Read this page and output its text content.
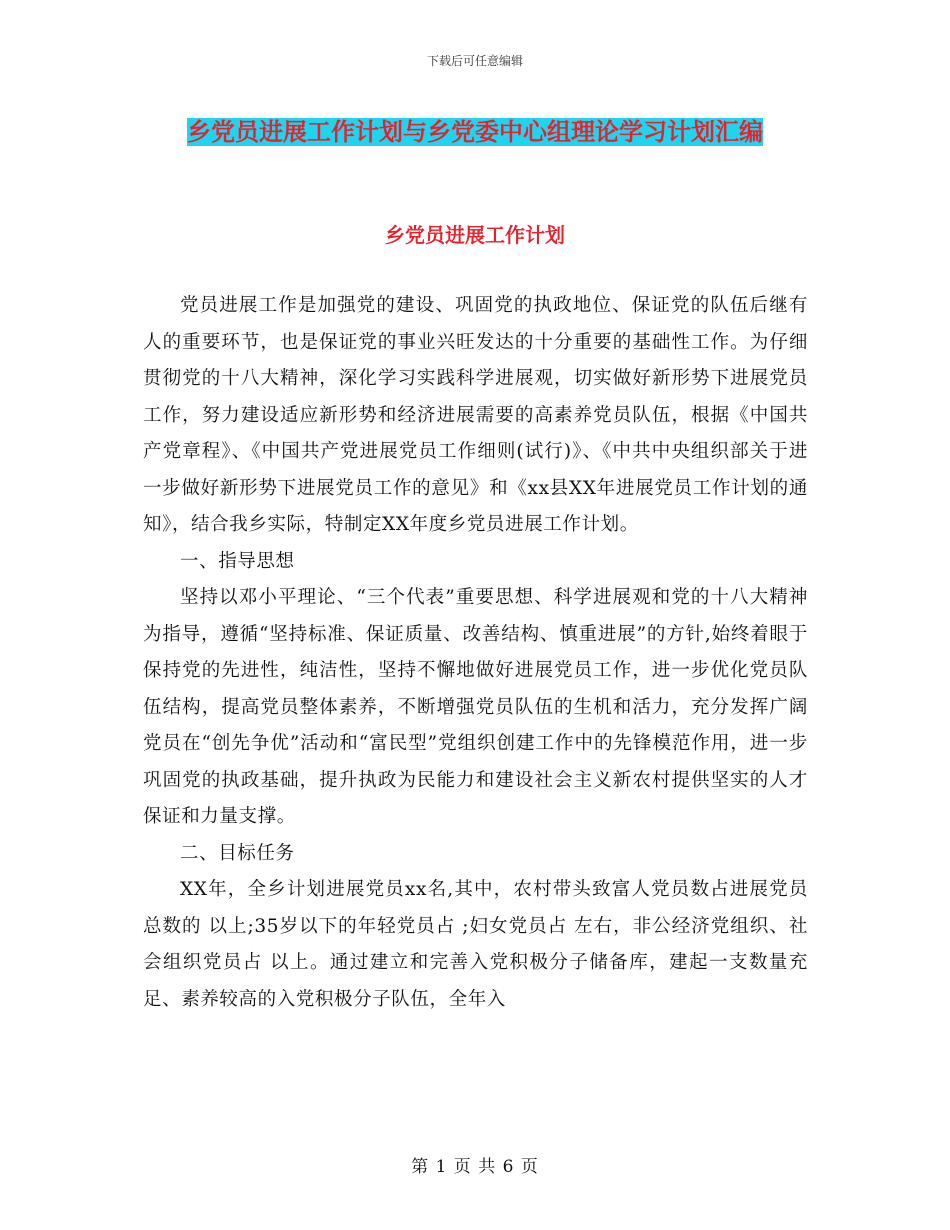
下载后可任意编辑
乡党员进展工作计划与乡党委中心组理论学习计划汇编
乡党员进展工作计划

党员进展工作是加强党的建设、巩固党的执政地位、保证党的队伍后继有人的重要环节，也是保证党的事业兴旺发达的十分重要的基础性工作。为仔细贯彻党的十八大精神，深化学习实践科学进展观，切实做好新形势下进展党员工作，努力建设适应新形势和经济进展需要的高素养党员队伍，根据《中国共产党章程》、《中国共产党进展党员工作细则(试行)》、《中共中央组织部关于进一步做好新形势下进展党员工作的意见》和《xx县XX年进展党员工作计划的通知》，结合我乡实际，特制定XX年度乡党员进展工作计划。

一、指导思想

坚持以邓小平理论、“三个代表”重要思想、科学进展观和党的十八大精神为指导，遵循“坚持标准、保证质量、改善结构、慎重进展”的方针,始终着眼于保持党的先进性，纯洁性，坚持不懈地做好进展党员工作，进一步优化党员队伍结构，提高党员整体素养，不断增强党员队伍的生机和活力，充分发挥广阔党员在“创先争优”活动和“富民型”党组织创建工作中的先锋模范作用，进一步巩固党的执政基础，提升执政为民能力和建设社会主义新农村提供坚实的人才保证和力量支撑。

二、目标任务

XX年，全乡计划进展党员xx名,其中，农村带头致富人党员数占进展党员总数的 以上;35岁以下的年轻党员占 ;妇女党员占 左右，非公经济党组织、社会组织党员占 以上。通过建立和完善入党积极分子储备库，建起一支数量充足、素养较高的入党积极分子队伍，全年入

第 1 页 共 6 页
